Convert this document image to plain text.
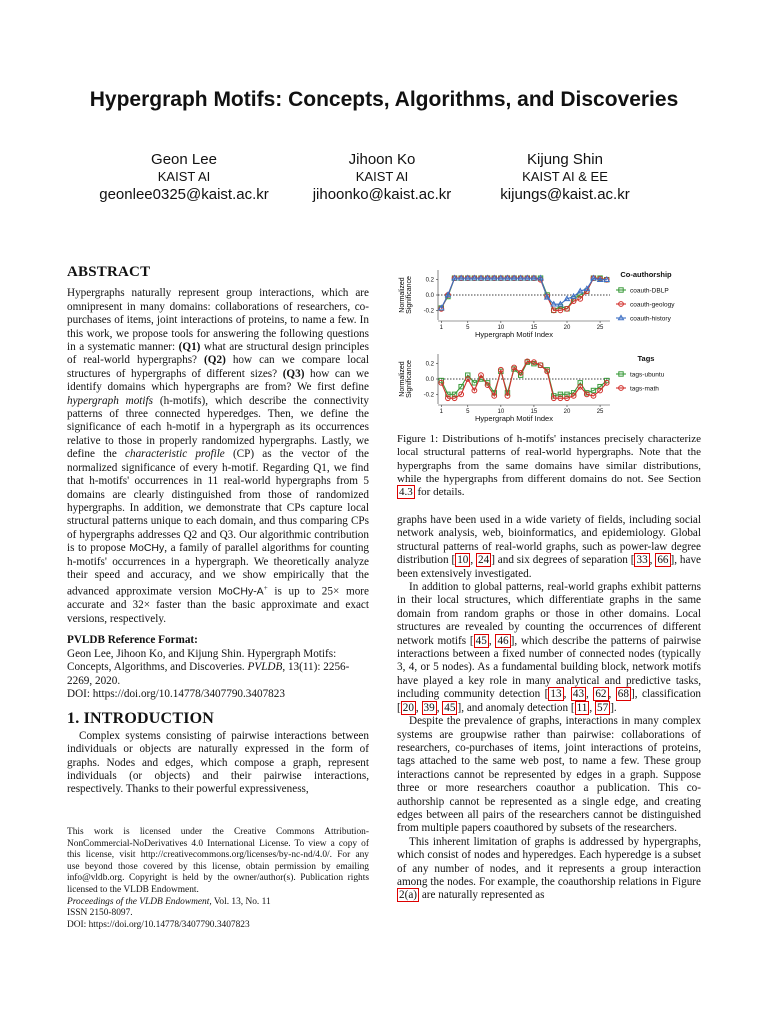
Hypergraph Motifs: Concepts, Algorithms, and Discoveries
Geon Lee
KAIST AI
geonlee0325@kaist.ac.kr
Jihoon Ko
KAIST AI
jihoonko@kaist.ac.kr
Kijung Shin
KAIST AI & EE
kijungs@kaist.ac.kr
ABSTRACT

Hypergraphs naturally represent group interactions, which are omnipresent in many domains: collaborations of researchers, co-purchases of items, joint interactions of proteins, to name a few. In this work, we propose tools for answering the following questions in a systematic manner: (Q1) what are structural design principles of real-world hypergraphs? (Q2) how can we compare local structures of hypergraphs of different sizes? (Q3) how can we identify domains which hypergraphs are from? We first define hypergraph motifs (h-motifs), which describe the connectivity patterns of three connected hyperedges. Then, we define the significance of each h-motif in a hypergraph as its occurrences relative to those in properly randomized hypergraphs. Lastly, we define the characteristic profile (CP) as the vector of the normalized significance of every h-motif. Regarding Q1, we find that h-motifs' occurrences in 11 real-world hypergraphs from 5 domains are clearly distinguished from those of randomized hypergraphs. In addition, we demonstrate that CPs capture local structural patterns unique to each domain, and thus comparing CPs of hypergraphs addresses Q2 and Q3. Our algorithmic contribution is to propose MoCHy, a family of parallel algorithms for counting h-motifs' occurrences in a hypergraph. We theoretically analyze their speed and accuracy, and we show empirically that the advanced approximate version MoCHy-A+ is up to 25× more accurate and 32× faster than the basic approximate and exact versions, respectively.

PVLDB Reference Format:

Geon Lee, Jihoon Ko, and Kijung Shin. Hypergraph Motifs: Concepts, Algorithms, and Discoveries. PVLDB, 13(11): 2256-2269, 2020.

DOI: https://doi.org/10.14778/3407790.3407823
1. INTRODUCTION

Complex systems consisting of pairwise interactions between individuals or objects are naturally expressed in the form of graphs. Nodes and edges, which compose a graph, represent individuals (or objects) and their pairwise interactions, respectively. Thanks to their powerful expressiveness,

This work is licensed under the Creative Commons Attribution-NonCommercial-NoDerivatives 4.0 International License. To view a copy of this license, visit http://creativecommons.org/licenses/by-nc-nd/4.0/. For any use beyond those covered by this license, obtain permission by emailing info@vldb.org. Copyright is held by the owner/author(s). Publication rights licensed to the VLDB Endowment.

Proceedings of the VLDB Endowment, Vol. 13, No. 11
ISSN 2150-8097.
DOI: https://doi.org/10.14778/3407790.3407823
NormalizedSignificance 0.2
0.0
-0.2
1	5	10	15	20	25
Hypergraph Motif Index
Co-authorship
coauth-DBLP
coauth-geology
coauth-history
NormalizedSignificance 0.2
0.0
-0.2
1	5	10	15	20	25
Hypergraph Motif Index
Tags
tags-ubuntu
tags-math

Figure 1: Distributions of h-motifs' instances precisely characterize local structural patterns of real-world hypergraphs. Note that the hypergraphs from the same domains have similar distributions, while the hypergraphs from different domains do not. See Section 4.3 for details.

graphs have been used in a wide variety of fields, including social network analysis, web, bioinformatics, and epidemiology. Global structural patterns of real-world graphs, such as power-law degree distribution [ 10 , 24 ] and six degrees of separation [ 33 , 66 ], have been extensively investigated.

In addition to global patterns, real-world graphs exhibit patterns in their local structures, which differentiate graphs in the same domain from random graphs or those in other domains. Local structures are revealed by counting the occurrences of different network motifs [ 45 , 46 ], which describe the patterns of pairwise interactions between a fixed number of connected nodes (typically 3, 4, or 5 nodes). As a fundamental building block, network motifs have played a key role in many analytical and predictive tasks, including community detection [ 13 , 43 , 62 , 68 ], classification [ 20 , 39 , 45 ], and anomaly detection [ 11 , 57 ].

Despite the prevalence of graphs, interactions in many complex systems are groupwise rather than pairwise: collaborations of researchers, co-purchases of items, joint interactions of proteins, tags attached to the same web post, to name a few. These group interactions cannot be represented by edges in a graph. Suppose three or more researchers coauthor a publication. This co-authorship cannot be represented as a single edge, and creating edges between all pairs of the researchers cannot be distinguished from multiple papers coauthored by subsets of the researchers.

This inherent limitation of graphs is addressed by hypergraphs, which consist of nodes and hyperedges. Each hyperedge is a subset of any number of nodes, and it represents a group interaction among the nodes. For example, the coauthorship relations in Figure 2(a) are naturally represented as
